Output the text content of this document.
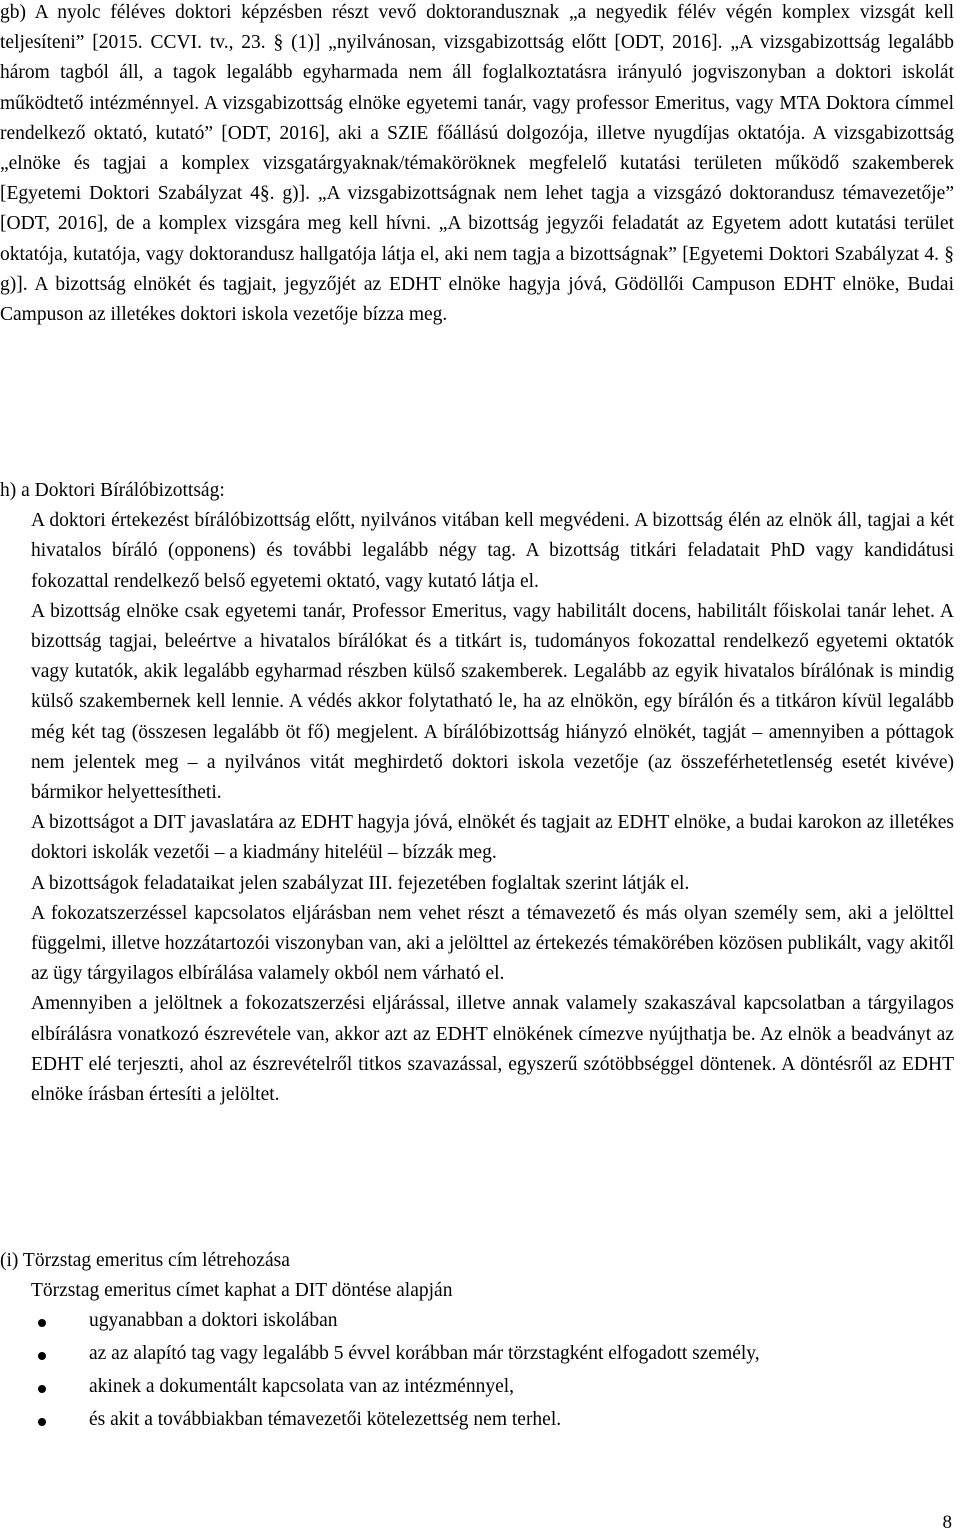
gb) A nyolc féléves doktori képzésben részt vevő doktorandusznak „a negyedik félév végén komplex vizsgát kell teljesíteni” [2015. CCVI. tv., 23. § (1)] „nyilvánosan, vizsgabizottság előtt [ODT, 2016]. „A vizsgabizottság legalább három tagból áll, a tagok legalább egyharmada nem áll foglalkoztatásra irányuló jogviszonyban a doktori iskolát működtető intézménnyel. A vizsgabizottság elnöke egyetemi tanár, vagy professor Emeritus, vagy MTA Doktora címmel rendelkező oktató, kutató” [ODT, 2016], aki a SZIE főállású dolgozója, illetve nyugdíjas oktatója. A vizsgabizottság „elnöke és tagjai a komplex vizsgatárgyaknak/témaköröknek megfelelő kutatási területen működő szakemberek [Egyetemi Doktori Szabályzat 4§. g)]. „A vizsgabizottságnak nem lehet tagja a vizsgázó doktorandusz témavezetője” [ODT, 2016], de a komplex vizsgára meg kell hívni. „A bizottság jegyzői feladatát az Egyetem adott kutatási terület oktatója, kutatója, vagy doktorandusz hallgatója látja el, aki nem tagja a bizottságnak” [Egyetemi Doktori Szabályzat 4. § g)]. A bizottság elnökét és tagjait, jegyzőjét az EDHT elnöke hagyja jóvá, Gödöllői Campuson EDHT elnöke, Budai Campuson az illetékes doktori iskola vezetője bízza meg.

h) a Doktori Bírálóbizottság:

A doktori értekezést bírálóbizottság előtt, nyilvános vitában kell megvédeni. A bizottság élén az elnök áll, tagjai a két hivatalos bíráló (opponens) és további legalább négy tag. A bizottság titkári feladatait PhD vagy kandidátusi fokozattal rendelkező belső egyetemi oktató, vagy kutató látja el.

A bizottság elnöke csak egyetemi tanár, Professor Emeritus, vagy habilitált docens, habilitált főiskolai tanár lehet. A bizottság tagjai, beleértve a hivatalos bírálókat és a titkárt is, tudományos fokozattal rendelkező egyetemi oktatók vagy kutatók, akik legalább egyharmad részben külső szakemberek. Legalább az egyik hivatalos bírálónak is mindig külső szakembernek kell lennie. A védés akkor folytatható le, ha az elnökön, egy bírálón és a titkáron kívül legalább még két tag (összesen legalább öt fő) megjelent. A bírálóbizottság hiányzó elnökét, tagját – amennyiben a póttagok nem jelentek meg – a nyilvános vitát meghirdető doktori iskola vezetője (az összeférhetetlenség esetét kivéve) bármikor helyettesítheti.

A bizottságot a DIT javaslatára az EDHT hagyja jóvá, elnökét és tagjait az EDHT elnöke, a budai karokon az illetékes doktori iskolák vezetői – a kiadmány hiteléül – bízzák meg.

A bizottságok feladataikat jelen szabályzat III. fejezetében foglaltak szerint látják el.

A fokozatszerzéssel kapcsolatos eljárásban nem vehet részt a témavezető és más olyan személy sem, aki a jelölttel függelmi, illetve hozzátartozói viszonyban van, aki a jelölttel az értekezés témakörében közösen publikált, vagy akitől az ügy tárgyilagos elbírálása valamely okból nem várható el.

Amennyiben a jelöltnek a fokozatszerzési eljárással, illetve annak valamely szakaszával kapcsolatban a tárgyilagos elbírálásra vonatkozó észrevétele van, akkor azt az EDHT elnökének címezve nyújthatja be. Az elnök a beadványt az EDHT elé terjeszti, ahol az észrevételről titkos szavazással, egyszerű szótöbbséggel döntenek. A döntésről az EDHT elnöke írásban értesíti a jelöltet.

(i) Törzstag emeritus cím létrehozása

Törzstag emeritus címet kaphat a DIT döntése alapján

ugyanabban a doktori iskolában
az az alapító tag vagy legalább 5 évvel korábban már törzstagként elfogadott személy,
akinek a dokumentált kapcsolata van az intézménnyel,
és akit a továbbiakban témavezetői kötelezettség nem terhel.
8
